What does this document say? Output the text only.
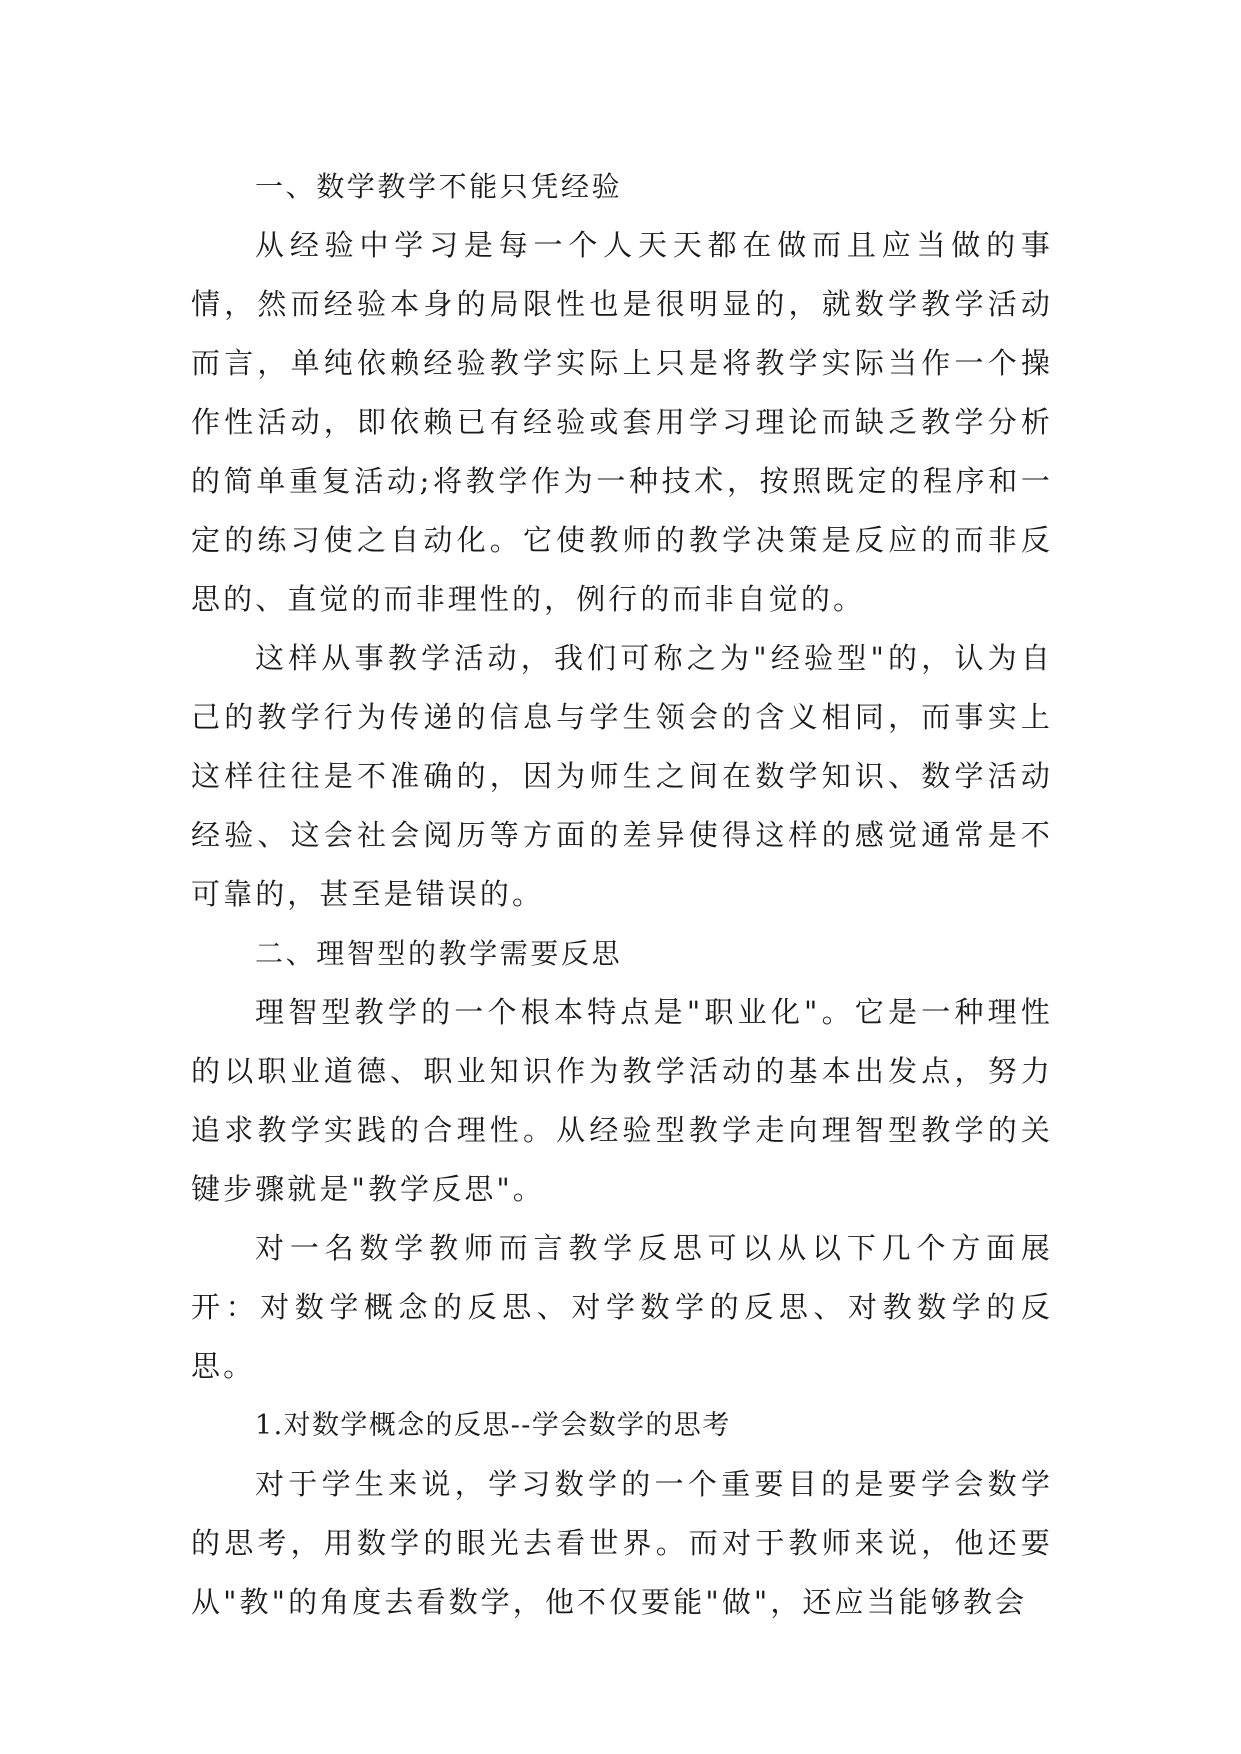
一、数学教学不能只凭经验

从经验中学习是每一个人天天都在做而且应当做的事情，然而经验本身的局限性也是很明显的，就数学教学活动而言，单纯依赖经验教学实际上只是将教学实际当作一个操作性活动，即依赖已有经验或套用学习理论而缺乏教学分析的简单重复活动;将教学作为一种技术，按照既定的程序和一定的练习使之自动化。它使教师的教学决策是反应的而非反思的、直觉的而非理性的，例行的而非自觉的。

这样从事教学活动，我们可称之为"经验型"的，认为自己的教学行为传递的信息与学生领会的含义相同，而事实上这样往往是不准确的，因为师生之间在数学知识、数学活动经验、这会社会阅历等方面的差异使得这样的感觉通常是不可靠的，甚至是错误的。

二、理智型的教学需要反思

理智型教学的一个根本特点是"职业化"。它是一种理性的以职业道德、职业知识作为教学活动的基本出发点，努力追求教学实践的合理性。从经验型教学走向理智型教学的关键步骤就是"教学反思"。

对一名数学教师而言教学反思可以从以下几个方面展开：对数学概念的反思、对学数学的反思、对教数学的反思。

1.对数学概念的反思--学会数学的思考

对于学生来说，学习数学的一个重要目的是要学会数学的思考，用数学的眼光去看世界。而对于教师来说，他还要从"教"的角度去看数学，他不仅要能"做"，还应当能够教会
